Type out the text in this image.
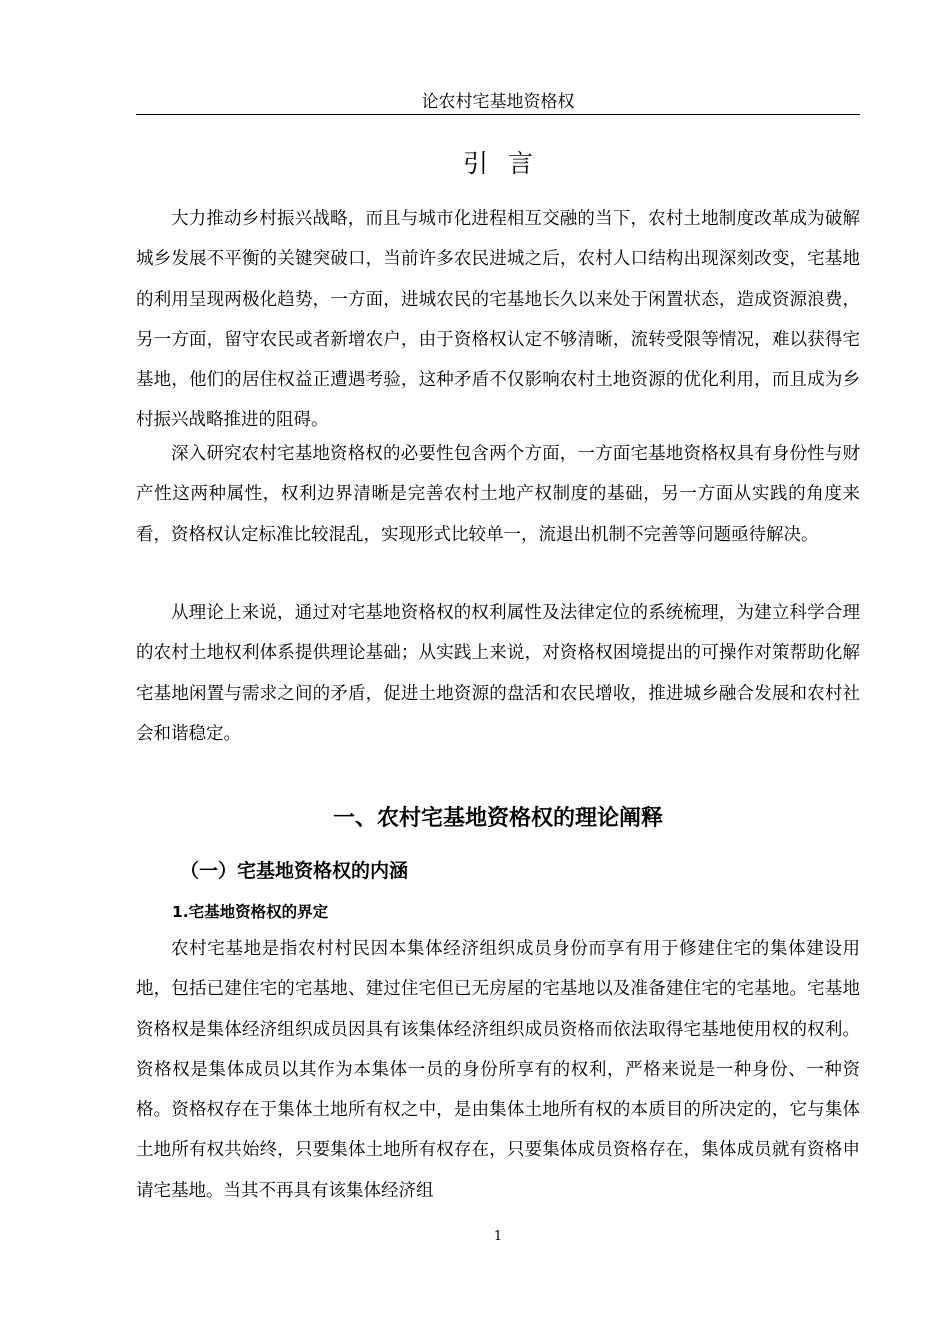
论农村宅基地资格权
引言

大力推动乡村振兴战略，而且与城市化进程相互交融的当下，农村土地制度改革成为破解城乡发展不平衡的关键突破口，当前许多农民进城之后，农村人口结构出现深刻改变，宅基地的利用呈现两极化趋势，一方面，进城农民的宅基地长久以来处于闲置状态，造成资源浪费，另一方面，留守农民或者新增农户，由于资格权认定不够清晰，流转受限等情况，难以获得宅基地，他们的居住权益正遭遇考验，这种矛盾不仅影响农村土地资源的优化利用，而且成为乡村振兴战略推进的阻碍。

深入研究农村宅基地资格权的必要性包含两个方面，一方面宅基地资格权具有身份性与财产性这两种属性，权利边界清晰是完善农村土地产权制度的基础，另一方面从实践的角度来看，资格权认定标准比较混乱，实现形式比较单一，流退出机制不完善等问题亟待解决。

从理论上来说，通过对宅基地资格权的权利属性及法律定位的系统梳理，为建立科学合理的农村土地权利体系提供理论基础；从实践上来说，对资格权困境提出的可操作对策帮助化解宅基地闲置与需求之间的矛盾，促进土地资源的盘活和农民增收，推进城乡融合发展和农村社会和谐稳定。

一、农村宅基地资格权的理论阐释
（一）宅基地资格权的内涵
1.宅基地资格权的界定

农村宅基地是指农村村民因本集体经济组织成员身份而享有用于修建住宅的集体建设用地，包括已建住宅的宅基地、建过住宅但已无房屋的宅基地以及准备建住宅的宅基地。宅基地资格权是集体经济组织成员因具有该集体经济组织成员资格而依法取得宅基地使用权的权利。资格权是集体成员以其作为本集体一员的身份所享有的权利，严格来说是一种身份、一种资格。资格权存在于集体土地所有权之中，是由集体土地所有权的本质目的所决定的，它与集体土地所有权共始终，只要集体土地所有权存在，只要集体成员资格存在，集体成员就有资格申请宅基地。当其不再具有该集体经济组

1
